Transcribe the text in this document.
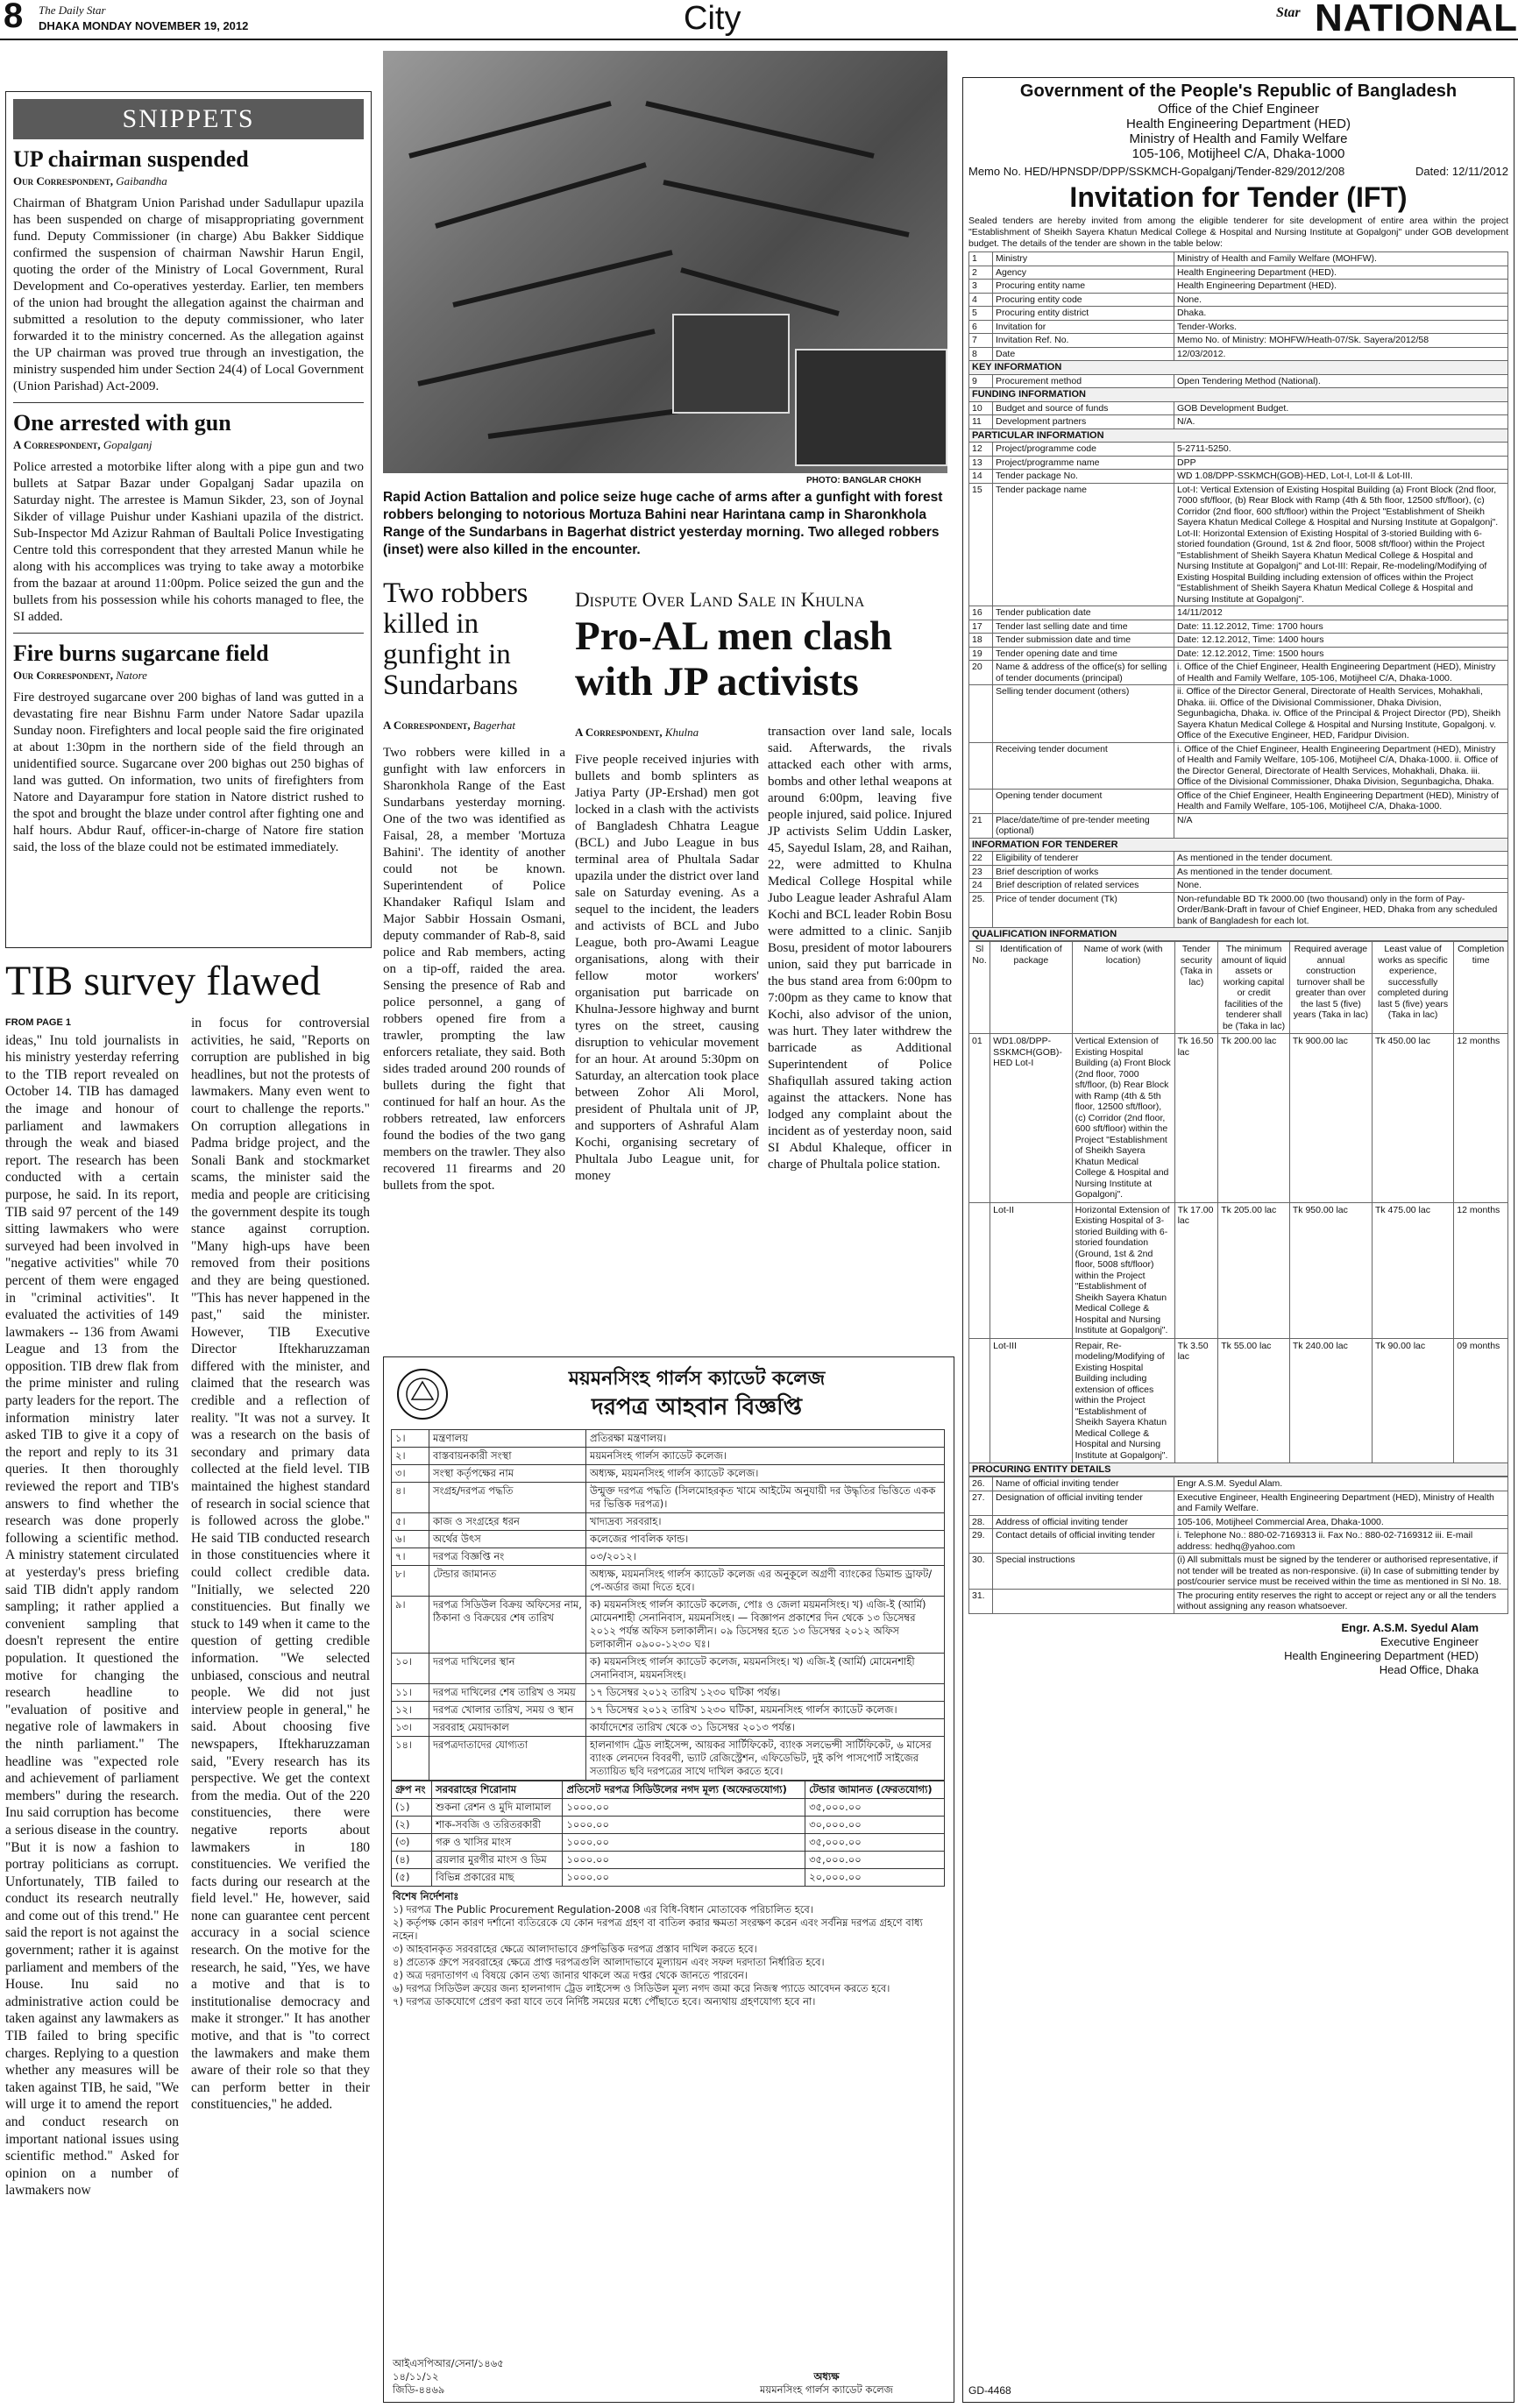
8 The Daily Star
DHAKA MONDAY NOVEMBER 19, 2012	City	Star NATIONAL
SNIPPETS
UP chairman suspended
Our Correspondent, Gaibandha
Chairman of Bhatgram Union Parishad under Sadullapur upazila has been suspended on charge of misappropriating government fund. Deputy Commissioner (in charge) Abu Bakker Siddique confirmed the suspension of chairman Nawshir Harun Engil, quoting the order of the Ministry of Local Government, Rural Development and Co-operatives yesterday. Earlier, ten members of the union had brought the allegation against the chairman and submitted a resolution to the deputy commissioner, who later forwarded it to the ministry concerned. As the allegation against the UP chairman was proved true through an investigation, the ministry suspended him under Section 24(4) of Local Government (Union Parishad) Act-2009.
One arrested with gun
A Correspondent, Gopalganj
Police arrested a motorbike lifter along with a pipe gun and two bullets at Satpar Bazar under Gopalganj Sadar upazila on Saturday night. The arrestee is Mamun Sikder, 23, son of Joynal Sikder of village Puishur under Kashiani upazila of the district. Sub-Inspector Md Azizur Rahman of Baultali Police Investigating Centre told this correspondent that they arrested Manun while he along with his accomplices was trying to take away a motorbike from the bazaar at around 11:00pm. Police seized the gun and the bullets from his possession while his cohorts managed to flee, the SI added.
Fire burns sugarcane field
Our Correspondent, Natore
Fire destroyed sugarcane over 200 bighas of land was gutted in a devastating fire near Bishnu Farm under Natore Sadar upazila Sunday noon. Firefighters and local people said the fire originated at about 1:30pm in the northern side of the field through an unidentified source. Sugarcane over 200 bighas out 250 bighas of land was gutted. On information, two units of firefighters from Natore and Dayarampur fore station in Natore district rushed to the spot and brought the blaze under control after fighting one and half hours. Abdur Rauf, officer-in-charge of Natore fire station said, the loss of the blaze could not be estimated immediately.
TIB survey flawed
FROM PAGE 1
ideas," Inu told journalists in his ministry yesterday referring to the TIB report revealed on October 14. TIB has damaged the image and honour of parliament and lawmakers through the weak and biased report. The research has been conducted with a certain purpose, he said. In its report, TIB said 97 percent of the 149 sitting lawmakers who were surveyed had been involved in "negative activities" while 70 percent of them were engaged in "criminal activities". It evaluated the activities of 149 lawmakers -- 136 from Awami League and 13 from the opposition. TIB drew flak from the prime minister and ruling party leaders for the report. The information ministry later asked TIB to give it a copy of the report and reply to its 31 queries. It then thoroughly reviewed the report and TIB's answers to find whether the research was done properly following a scientific method. A ministry statement circulated at yesterday's press briefing said TIB didn't apply random sampling; it rather applied a convenient sampling that doesn't represent the entire population. It questioned the motive for changing the research headline to "evaluation of positive and negative role of lawmakers in the ninth parliament." The headline was "expected role and achievement of parliament members" during the research. Inu said corruption has become a serious disease in the country. "But it is now a fashion to portray politicians as corrupt. Unfortunately, TIB failed to conduct its research neutrally and come out of this trend." He said the report is not against the government; rather it is against parliament and members of the House. Inu said no administrative action could be taken against any lawmakers as TIB failed to bring specific charges. Replying to a question whether any measures will be taken against TIB, he said, "We will urge it to amend the report and conduct research on important national issues using scientific method." Asked for opinion on a number of lawmakers now
in focus for controversial activities, he said, "Reports on corruption are published in big headlines, but not the protests of lawmakers. Many even went to court to challenge the reports." On corruption allegations in Padma bridge project, and the Sonali Bank and stockmarket scams, the minister said the media and people are criticising the government despite its tough stance against corruption. "Many high-ups have been removed from their positions and they are being questioned. "This has never happened in the past," said the minister. However, TIB Executive Director Iftekharuzzaman differed with the minister, and claimed that the research was credible and a reflection of reality. "It was not a survey. It was a research on the basis of secondary and primary data collected at the field level. TIB maintained the highest standard of research in social science that is followed across the globe." He said TIB conducted research in those constituencies where it could collect credible data. "Initially, we selected 220 constituencies. But finally we stuck to 149 when it came to the question of getting credible information. "We selected unbiased, conscious and neutral people. We did not just interview people in general," he said. About choosing five newspapers, Iftekharuzzaman said, "Every research has its perspective. We get the context from the media. Out of the 220 constituencies, there were negative reports about lawmakers in 180 constituencies. We verified the facts during our research at the field level." He, however, said none can guarantee cent percent accuracy in a social science research. On the motive for the research, he said, "Yes, we have a motive and that is to institutionalise democracy and make it stronger." It has another motive, and that is "to correct the lawmakers and make them aware of their role so that they can perform better in their constituencies," he added.
PHOTO: BANGLAR CHOKH
Rapid Action Battalion and police seize huge cache of arms after a gunfight with forest robbers belonging to notorious Mortuza Bahini near Harintana camp in Sharonkhola Range of the Sundarbans in Bagerhat district yesterday morning. Two alleged robbers (inset) were also killed in the encounter.
Two robbers killed in gunfight in Sundarbans
A Correspondent, Bagerhat
Two robbers were killed in a gunfight with law enforcers in Sharonkhola Range of the East Sundarbans yesterday morning. One of the two was identified as Faisal, 28, a member 'Mortuza Bahini'. The identity of another could not be known. Superintendent of Police Khandaker Rafiqul Islam and Major Sabbir Hossain Osmani, deputy commander of Rab-8, said police and Rab members, acting on a tip-off, raided the area. Sensing the presence of Rab and police personnel, a gang of robbers opened fire from a trawler, prompting the law enforcers retaliate, they said. Both sides traded around 200 rounds of bullets during the fight that continued for half an hour. As the robbers retreated, law enforcers found the bodies of the two gang members on the trawler. They also recovered 11 firearms and 20 bullets from the spot.
Dispute Over Land Sale in Khulna
Pro-AL men clash with JP activists
A Correspondent, Khulna
Five people received injuries with bullets and bomb splinters as Jatiya Party (JP-Ershad) men got locked in a clash with the activists of Bangladesh Chhatra League (BCL) and Jubo League in bus terminal area of Phultala Sadar upazila under the district over land sale on Saturday evening. As a sequel to the incident, the leaders and activists of BCL and Jubo League, both pro-Awami League organisations, along with their fellow motor workers' organisation put barricade on Khulna-Jessore highway and burnt tyres on the street, causing disruption to vehicular movement for an hour. At around 5:30pm on Saturday, an altercation took place between Zohor Ali Morol, president of Phultala unit of JP, and supporters of Ashraful Alam Kochi, organising secretary of Phultala Jubo League unit, for money
transaction over land sale, locals said. Afterwards, the rivals attacked each other with arms, bombs and other lethal weapons at around 6:00pm, leaving five people injured, said police. Injured JP activists Selim Uddin Lasker, 45, Sayedul Islam, 28, and Raihan, 22, were admitted to Khulna Medical College Hospital while Jubo League leader Ashraful Alam Kochi and BCL leader Robin Bosu were admitted to a clinic. Sanjib Bosu, president of motor labourers union, said they put barricade in the bus stand area from 6:00pm to 7:00pm as they came to know that Kochi, also advisor of the union, was hurt. They later withdrew the barricade as Additional Superintendent of Police Shafiqullah assured taking action against the attackers. None has lodged any complaint about the incident as of yesterday noon, said SI Abdul Khaleque, officer in charge of Phultala police station.
ময়মনসিংহ গার্লস ক্যাডেট কলেজ
দরপত্র আহবান বিজ্ঞপ্তি
১।	মন্ত্রণালয়	প্রতিরক্ষা মন্ত্রণালয়।
২।	বাস্তবায়নকারী সংস্থা	ময়মনসিংহ গার্লস ক্যাডেট কলেজ।
৩।	সংস্থা কর্তৃপক্ষের নাম	অধ্যক্ষ, ময়মনসিংহ গার্লস ক্যাডেট কলেজ।
৪।	সংগ্রহ/দরপত্র পদ্ধতি	উন্মুক্ত দরপত্র পদ্ধতি (সিলমোহরকৃত খামে আইটেম অনুযায়ী দর উদ্ধৃতির ভিত্তিতে একক দর ভিত্তিক দরপত্র)।
৫।	কাজ ও সংগ্রহের ধরন	খাদ্যদ্রব্য সরবরাহ।
৬।	অর্থের উৎস	কলেজের পাবলিক ফান্ড।
৭।	দরপত্র বিজ্ঞপ্তি নং	০৩/২০১২।
৮।	টেন্ডার জামানত	অধ্যক্ষ, ময়মনসিংহ গার্লস ক্যাডেট কলেজ এর অনুকূলে অগ্রণী ব্যাংকের ডিমান্ড ড্রাফট/পে-অর্ডার জমা দিতে হবে।
৯।	দরপত্র সিডিউল বিক্রয় অফিসের নাম, ঠিকানা ও বিক্রয়ের শেষ তারিখ	ক) ময়মনসিংহ গার্লস ক্যাডেট কলেজ, পোঃ ও জেলা ময়মনসিংহ। খ) এজি-ই (আর্মি) মোমেনশাহী সেনানিবাস, ময়মনসিংহ। — বিজ্ঞাপন প্রকাশের দিন থেকে ১৩ ডিসেম্বর ২০১২ পর্যন্ত অফিস চলাকালীন। ০৯ ডিসেম্বর হতে ১৩ ডিসেম্বর ২০১২ অফিস চলাকালীন ০৯০০-১২৩০ ঘঃ।
১০।	দরপত্র দাখিলের স্থান	ক) ময়মনসিংহ গার্লস ক্যাডেট কলেজ, ময়মনসিংহ। খ) এজি-ই (আর্মি) মোমেনশাহী সেনানিবাস, ময়মনসিংহ।
১১।	দরপত্র দাখিলের শেষ তারিখ ও সময়	১৭ ডিসেম্বর ২০১২ তারিখ ১২৩০ ঘটিকা পর্যন্ত।
১২।	দরপত্র খোলার তারিখ, সময় ও স্থান	১৭ ডিসেম্বর ২০১২ তারিখ ১২৩০ ঘটিকা, ময়মনসিংহ গার্লস ক্যাডেট কলেজ।
১৩।	সরবরাহ মেয়াদকাল	কার্যাদেশের তারিখ থেকে ৩১ ডিসেম্বর ২০১৩ পর্যন্ত।
১৪।	দরপত্রদাতাদের যোগ্যতা	হালনাগাদ ট্রেড লাইসেন্স, আয়কর সার্টিফিকেট, ব্যাংক সলভেন্সী সার্টিফিকেট, ৬ মাসের ব্যাংক লেনদেন বিবরণী, ভ্যাট রেজিস্ট্রেশন, এফিডেভিট, দুই কপি পাসপোর্ট সাইজের সত্যায়িত ছবি দরপত্রের সাথে দাখিল করতে হবে।
গ্রুপ নং	সরবরাহের শিরোনাম	প্রতিসেট দরপত্র সিডিউলের নগদ মূল্য (অফেরতযোগ্য)	টেন্ডার জামানত (ফেরতযোগ্য)
(১)	শুকনা রেশন ও মুদি মালামাল	১০০০.০০	৩৫,০০০.০০
(২)	শাক-সবজি ও তরিতরকারী	১০০০.০০	৩০,০০০.০০
(৩)	গরু ও খাসির মাংস	১০০০.০০	৩৫,০০০.০০
(৪)	ব্রয়লার মুরগীর মাংস ও ডিম	১০০০.০০	৩৫,০০০.০০
(৫)	বিভিন্ন প্রকারের মাছ	১০০০.০০	২০,০০০.০০
বিশেষ নির্দেশনাঃ
১) দরপত্র The Public Procurement Regulation-2008 এর বিধি-বিধান মোতাবেক পরিচালিত হবে।
২) কর্তৃপক্ষ কোন কারণ দর্শানো ব্যতিরেকে যে কোন দরপত্র গ্রহণ বা বাতিল করার ক্ষমতা সংরক্ষণ করেন এবং সর্বনিম্ন দরপত্র গ্রহণে বাধ্য নহেন।
৩) আহবানকৃত সরবরাহের ক্ষেত্রে আলাদাভাবে গ্রুপভিত্তিক দরপত্র প্রস্তাব দাখিল করতে হবে।
৪) প্রত্যেক গ্রুপে সরবরাহের ক্ষেত্রে প্রাপ্ত দরপত্রগুলি আলাদাভাবে মূল্যায়ন এবং সফল দরদাতা নির্ধারিত হবে।
৫) অত্র দরদাতাগণ এ বিষয়ে কোন তথ্য জানার থাকলে অত্র দপ্তর থেকে জানতে পারবেন।
৬) দরপত্র সিডিউল ক্রয়ের জন্য হালনাগাদ ট্রেড লাইসেন্স ও সিডিউল মূল্য নগদ জমা করে নিজস্ব প্যাডে আবেদন করতে হবে।
৭) দরপত্র ডাকযোগে প্রেরণ করা যাবে তবে নির্দিষ্ট সময়ের মধ্যে পৌঁছাতে হবে। অন্যথায় গ্রহণযোগ্য হবে না।
আইএসপিআর/সেনা/১৪৬৫
১৪/১১/১২
জিডি-৪৪৬৯
অধ্যক্ষ
ময়মনসিংহ গার্লস ক্যাডেট কলেজ
Government of the People's Republic of Bangladesh
Office of the Chief Engineer
Health Engineering Department (HED)
Ministry of Health and Family Welfare
105-106, Motijheel C/A, Dhaka-1000
Memo No. HED/HPNSDP/DPP/SSKMCH-Gopalganj/Tender-829/2012/208	Dated: 12/11/2012
Invitation for Tender (IFT)
Sealed tenders are hereby invited from among the eligible tenderer for site development of entire area within the project "Establishment of Sheikh Sayera Khatun Medical College & Hospital and Nursing Institute at Gopalgonj" under GOB development budget. The details of the tender are shown in the table below:
1	Ministry	Ministry of Health and Family Welfare (MOHFW).
2	Agency	Health Engineering Department (HED).
3	Procuring entity name	Health Engineering Department (HED).
4	Procuring entity code	None.
5	Procuring entity district	Dhaka.
6	Invitation for	Tender-Works.
7	Invitation Ref. No.	Memo No. of Ministry: MOHFW/Heath-07/Sk. Sayera/2012/58
8	Date	12/03/2012.
KEY INFORMATION		
9	Procurement method	Open Tendering Method (National).
FUNDING INFORMATION		
10	Budget and source of funds	GOB Development Budget.
11	Development partners	N/A.
PARTICULAR INFORMATION		
12	Project/programme code	5-2711-5250.
13	Project/programme name	DPP
14	Tender package No.	WD 1.08/DPP-SSKMCH(GOB)-HED, Lot-I, Lot-II & Lot-III.
15	Tender package name	Lot-I: Vertical Extension of Existing Hospital Building (a) Front Block (2nd floor, 7000 sft/floor, (b) Rear Block with Ramp (4th & 5th floor, 12500 sft/floor), (c) Corridor (2nd floor, 600 sft/floor) within the Project "Establishment of Sheikh Sayera Khatun Medical College & Hospital and Nursing Institute at Gopalgonj". Lot-II: Horizontal Extension of Existing Hospital of 3-storied Building with 6-storied foundation (Ground, 1st & 2nd floor, 5008 sft/floor) within the Project "Establishment of Sheikh Sayera Khatun Medical College & Hospital and Nursing Institute at Gopalgonj" and Lot-III: Repair, Re-modeling/Modifying of Existing Hospital Building including extension of offices within the Project "Establishment of Sheikh Sayera Khatun Medical College & Hospital and Nursing Institute at Gopalgonj".
16	Tender publication date	14/11/2012
17	Tender last selling date and time	Date: 11.12.2012, Time: 1700 hours
18	Tender submission date and time	Date: 12.12.2012, Time: 1400 hours
19	Tender opening date and time	Date: 12.12.2012, Time: 1500 hours
20	Name & address of the office(s) for selling of tender documents (principal)	i. Office of the Chief Engineer, Health Engineering Department (HED), Ministry of Health and Family Welfare, 105-106, Motijheel C/A, Dhaka-1000.
	Selling tender document (others)	ii. Office of the Director General, Directorate of Health Services, Mohakhali, Dhaka. iii. Office of the Divisional Commissioner, Dhaka Division, Segunbagicha, Dhaka. iv. Office of the Principal & Project Director (PD), Sheikh Sayera Khatun Medical College & Hospital and Nursing Institute, Gopalgonj. v. Office of the Executive Engineer, HED, Faridpur Division.
	Receiving tender document	i. Office of the Chief Engineer, Health Engineering Department (HED), Ministry of Health and Family Welfare, 105-106, Motijheel C/A, Dhaka-1000. ii. Office of the Director General, Directorate of Health Services, Mohakhali, Dhaka. iii. Office of the Divisional Commissioner, Dhaka Division, Segunbagicha, Dhaka.
	Opening tender document	Office of the Chief Engineer, Health Engineering Department (HED), Ministry of Health and Family Welfare, 105-106, Motijheel C/A, Dhaka-1000.
21	Place/date/time of pre-tender meeting (optional)	N/A
INFORMATION FOR TENDERER		
22	Eligibility of tenderer	As mentioned in the tender document.
23	Brief description of works	As mentioned in the tender document.
24	Brief description of related services	None.
25.	Price of tender document (Tk)	Non-refundable BD Tk 2000.00 (two thousand) only in the form of Pay-Order/Bank-Draft in favour of Chief Engineer, HED, Dhaka from any scheduled bank of Bangladesh for each lot.
QUALIFICATION INFORMATION
Sl No.	Identification of package	Name of work (with location)	Tender security (Taka in lac)	The minimum amount of liquid assets or working capital or credit facilities of the tenderer shall be (Taka in lac)	Required average annual construction turnover shall be greater than over the last 5 (five) years (Taka in lac)	Least value of works as specific experience, successfully completed during last 5 (five) years (Taka in lac)	Completion time
01	WD1.08/DPP-SSKMCH(GOB)-HED Lot-I	Vertical Extension of Existing Hospital Building (a) Front Block (2nd floor, 7000 sft/floor, (b) Rear Block with Ramp (4th & 5th floor, 12500 sft/floor), (c) Corridor (2nd floor, 600 sft/floor) within the Project "Establishment of Sheikh Sayera Khatun Medical College & Hospital and Nursing Institute at Gopalgonj".	Tk 16.50 lac	Tk 200.00 lac	Tk 900.00 lac	Tk 450.00 lac	12 months
	Lot-II	Horizontal Extension of Existing Hospital of 3-storied Building with 6-storied foundation (Ground, 1st & 2nd floor, 5008 sft/floor) within the Project "Establishment of Sheikh Sayera Khatun Medical College & Hospital and Nursing Institute at Gopalgonj".	Tk 17.00 lac	Tk 205.00 lac	Tk 950.00 lac	Tk 475.00 lac	12 months
	Lot-III	Repair, Re-modeling/Modifying of Existing Hospital Building including extension of offices within the Project "Establishment of Sheikh Sayera Khatun Medical College & Hospital and Nursing Institute at Gopalgonj".	Tk 3.50 lac	Tk 55.00 lac	Tk 240.00 lac	Tk 90.00 lac	09 months
PROCURING ENTITY DETAILS
26.	Name of official inviting tender	Engr A.S.M. Syedul Alam.
27.	Designation of official inviting tender	Executive Engineer, Health Engineering Department (HED), Ministry of Health and Family Welfare.
28.	Address of official inviting tender	105-106, Motijheel Commercial Area, Dhaka-1000.
29.	Contact details of official inviting tender	i. Telephone No.: 880-02-7169313 ii. Fax No.: 880-02-7169312 iii. E-mail address: hedhq@yahoo.com
30.	Special instructions	(i) All submittals must be signed by the tenderer or authorised representative, if not tender will be treated as non-responsive. (ii) In case of submitting tender by post/courier service must be received within the time as mentioned in Sl No. 18.
31.		The procuring entity reserves the right to accept or reject any or all the tenders without assigning any reason whatsoever.
Engr. A.S.M. Syedul Alam
Executive Engineer
Health Engineering Department (HED)
Head Office, Dhaka
GD-4468
